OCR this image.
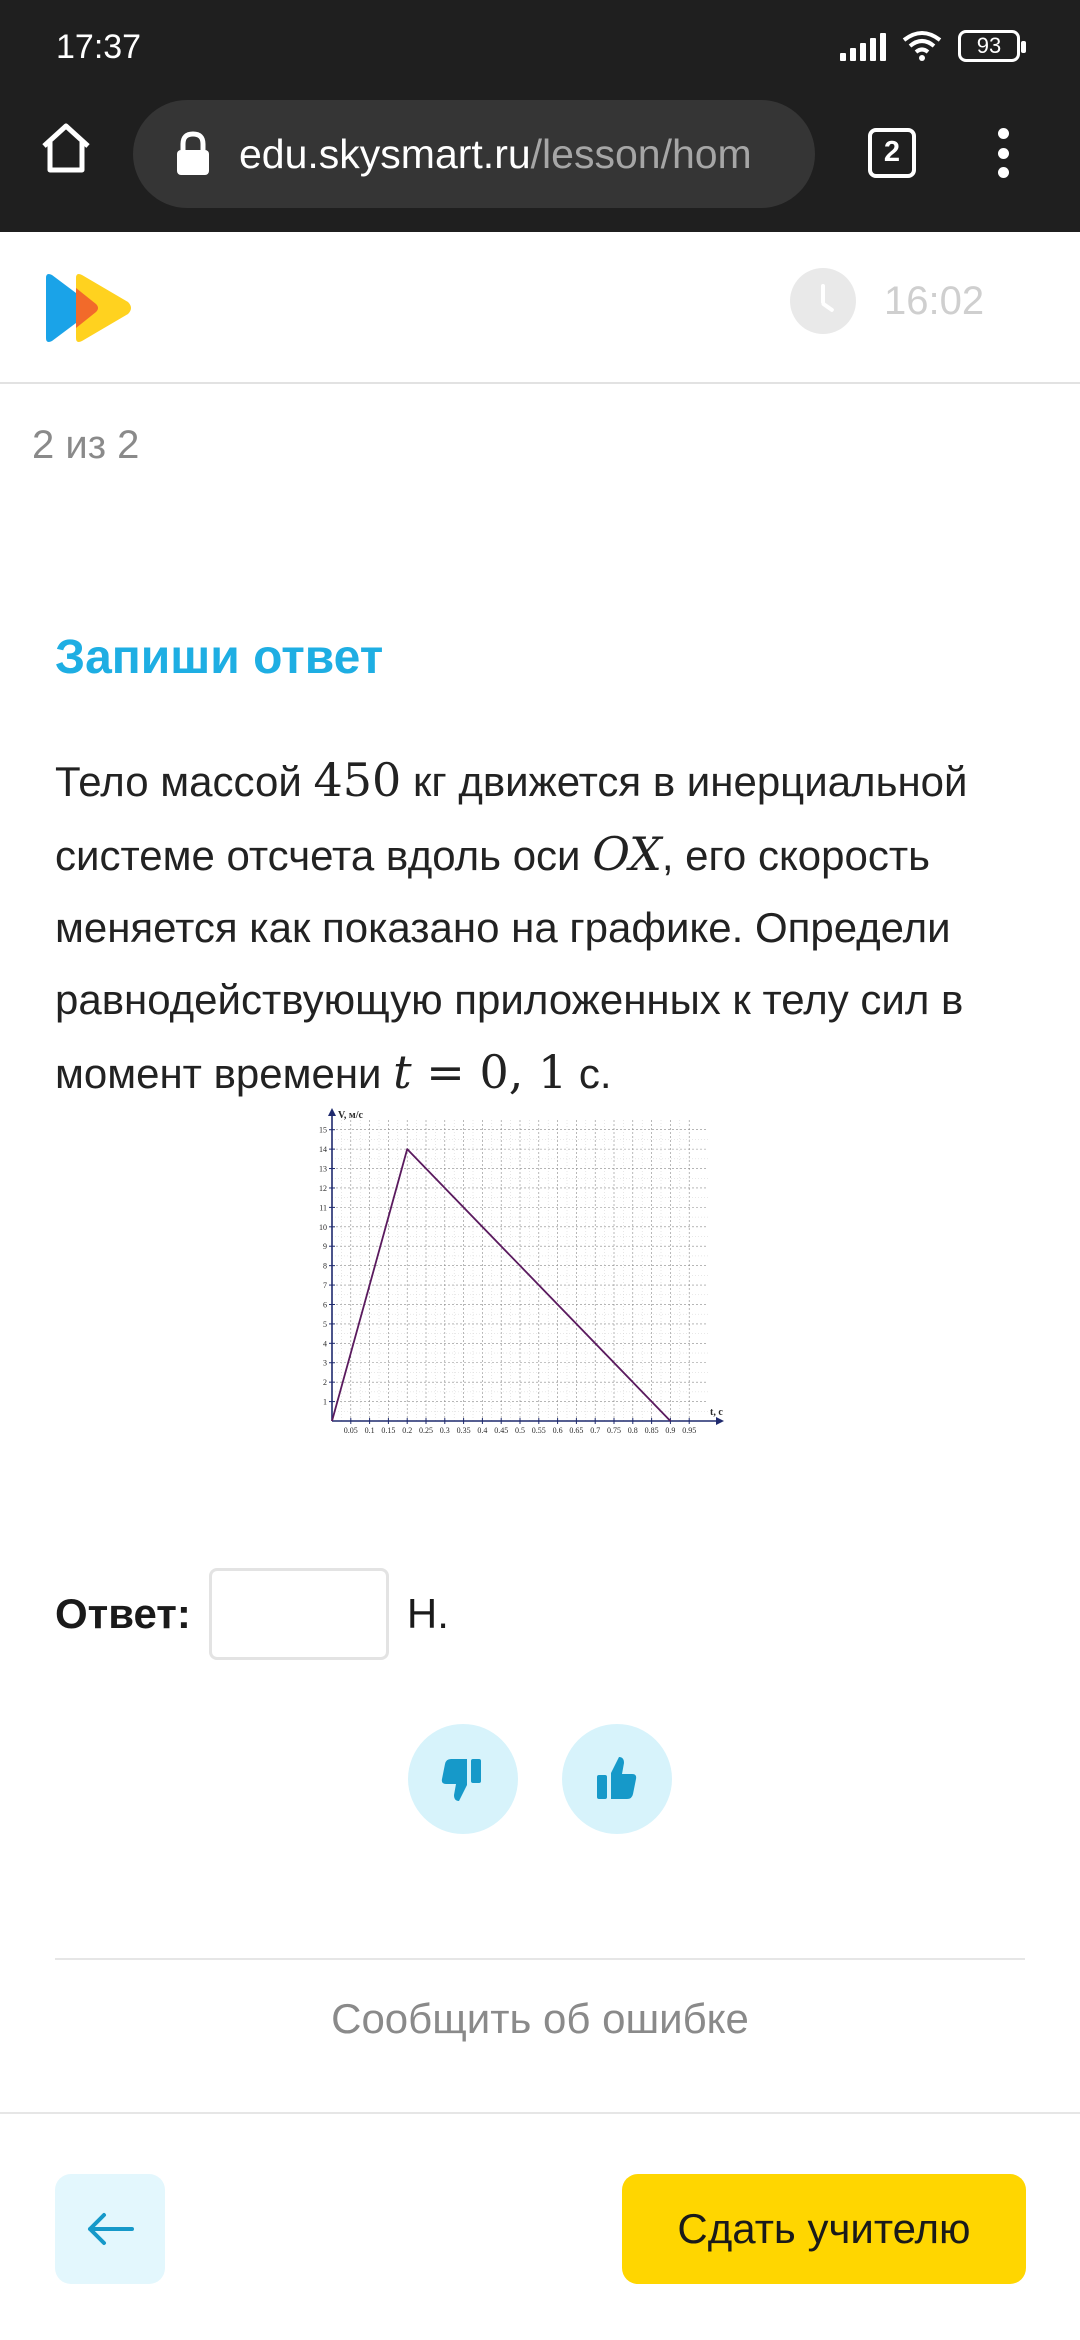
17:37	93
edu.skysmart.ru/lesson/hom	2
16:02
2 из 2
Запиши ответ
Тело массой 450 кг движется в инерциальной системе отсчета вдоль оси OX, его скорость меняется как показано на графике. Определи равнодействующую приложенных к телу сил в момент времени t = 0, 1 с.
0.05 0.1 0.15 0.2 0.25 0.3 0.35 0.4 0.45 0.5 0.55 0.6 0.65 0.7 0.75 0.8 0.85 0.9 0.95
1
2
3
4
5
6
7
8
9
10
11
12
13
14
15
V, м/с
t, c
Ответ:	Н.
Сообщить об ошибке
Сдать учителю
